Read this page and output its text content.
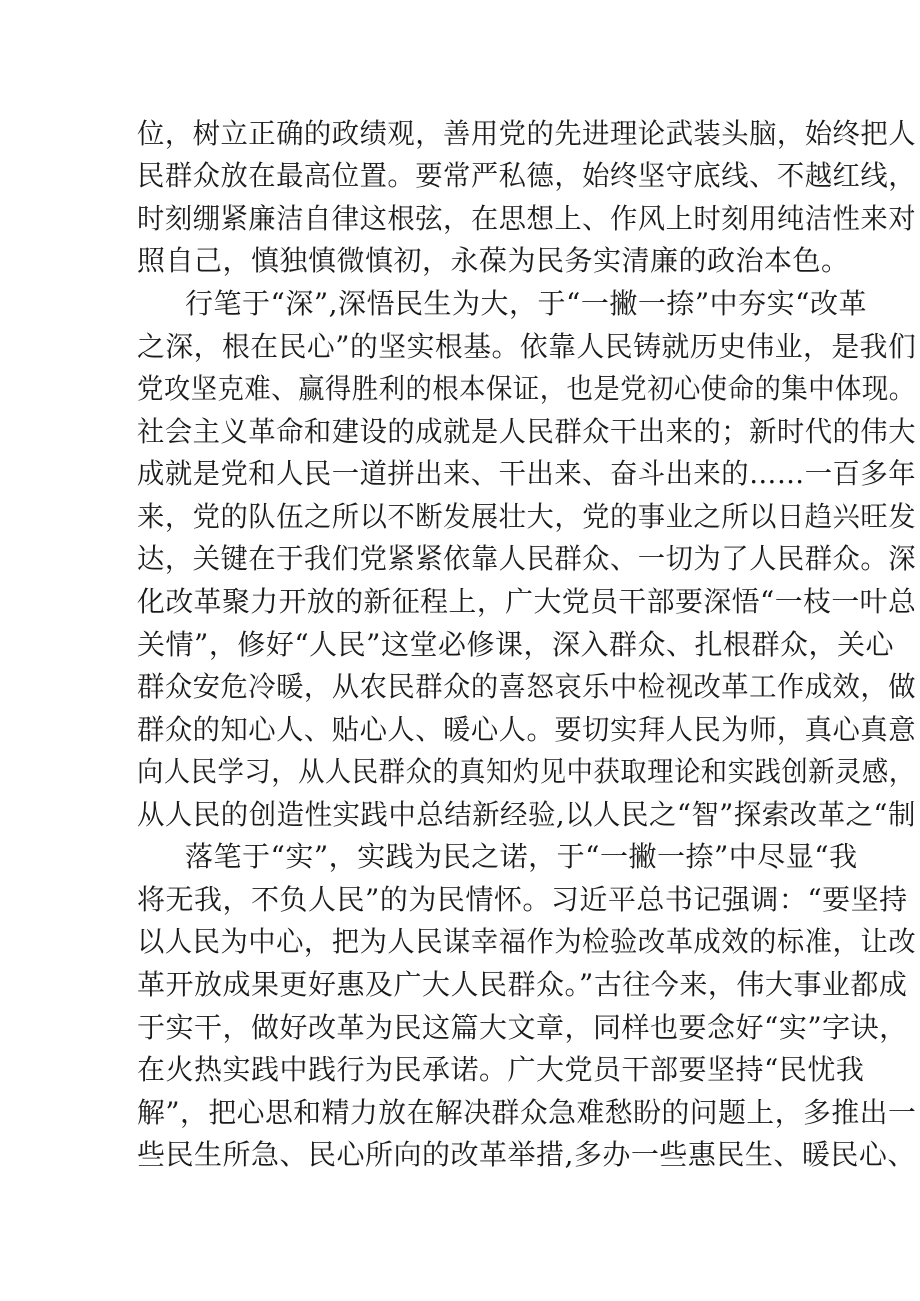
位，树立正确的政绩观，善用党的先进理论武装头脑，始终把人
民群众放在最高位置。要常严私德，始终坚守底线、不越红线，
时刻绷紧廉洁自律这根弦，在思想上、作风上时刻用纯洁性来对
照自己，慎独慎微慎初，永葆为民务实清廉的政治本色。
行笔于“深”,深悟民生为大，于“一撇一捺”中夯实“改革
之深，根在民心”的坚实根基。依靠人民铸就历史伟业，是我们
党攻坚克难、赢得胜利的根本保证，也是党初心使命的集中体现。
社会主义革命和建设的成就是人民群众干出来的；新时代的伟大
成就是党和人民一道拼出来、干出来、奋斗出来的……一百多年
来，党的队伍之所以不断发展壮大，党的事业之所以日趋兴旺发
达，关键在于我们党紧紧依靠人民群众、一切为了人民群众。深
化改革聚力开放的新征程上，广大党员干部要深悟“一枝一叶总
关情”，修好“人民”这堂必修课，深入群众、扎根群众，关心
群众安危冷暖，从农民群众的喜怒哀乐中检视改革工作成效，做
群众的知心人、贴心人、暖心人。要切实拜人民为师，真心真意
向人民学习，从人民群众的真知灼见中获取理论和实践创新灵感，
从人民的创造性实践中总结新经验,以人民之“智”探索改革之“制
落笔于“实”，实践为民之诺，于“一撇一捺”中尽显“我
将无我，不负人民”的为民情怀。习近平总书记强调：“要坚持
以人民为中心，把为人民谋幸福作为检验改革成效的标准，让改
革开放成果更好惠及广大人民群众。”古往今来，伟大事业都成
于实干，做好改革为民这篇大文章，同样也要念好“实”字诀，
在火热实践中践行为民承诺。广大党员干部要坚持“民忧我
解”，把心思和精力放在解决群众急难愁盼的问题上，多推出一
些民生所急、民心所向的改革举措,多办一些惠民生、暖民心、
